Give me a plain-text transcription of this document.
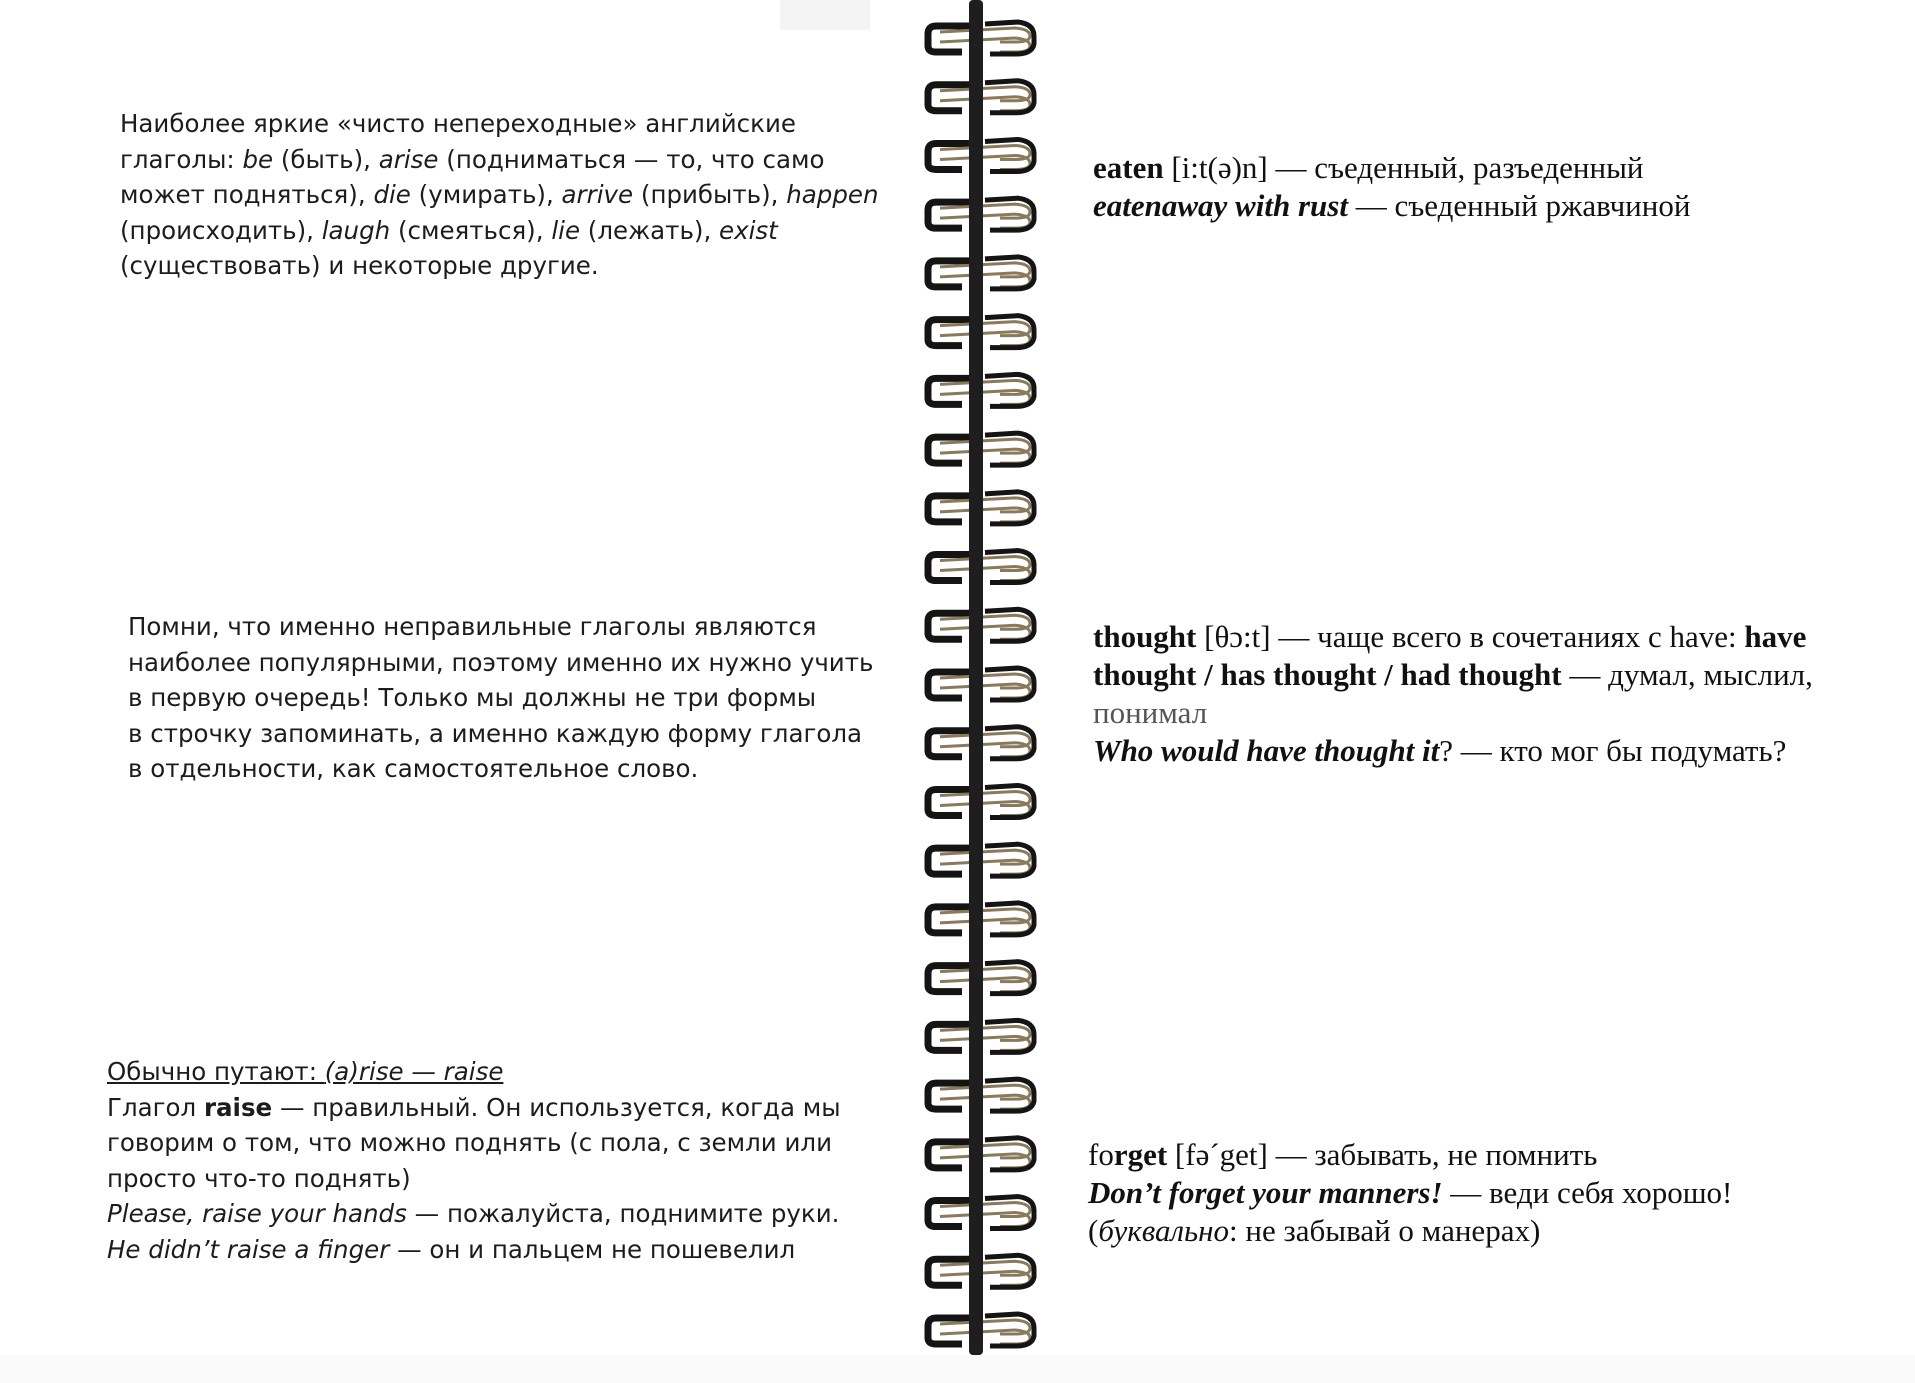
Наиболее яркие «чисто непереходные» английские
глаголы: be (быть), arise (подниматься — то, что само
может подняться), die (умирать), arrive (прибыть), happen
(происходить), laugh (смеяться), lie (лежать), exist
(существовать) и некоторые другие.
Помни, что именно неправильные глаголы являются
наиболее популярными, поэтому именно их нужно учить
в первую очередь! Только мы должны не три формы
в строчку запоминать, а именно каждую форму глагола
в отдельности, как самостоятельное слово.
Обычно путают: (a)rise — raise
Глагол raise — правильный. Он используется, когда мы
говорим о том, что можно поднять (с пола, с земли или
просто что-то поднять)
Please, raise your hands — пожалуйста, поднимите руки.
He didn’t raise a finger — он и пальцем не пошевелил
eaten [i:t(ə)n] — съеденный, разъеденный
eatenaway with rust — съеденный ржавчиной
thought [θɔ:t] — чаще всего в сочетаниях с have: have
thought / has thought / had thought — думал, мыслил,
понимал
Who would have thought it? — кто мог бы подумать?
forget [fəˊget] — забывать, не помнить
Don’t forget your manners! — веди себя хорошо!
(буквально: не забывай о манерах)
